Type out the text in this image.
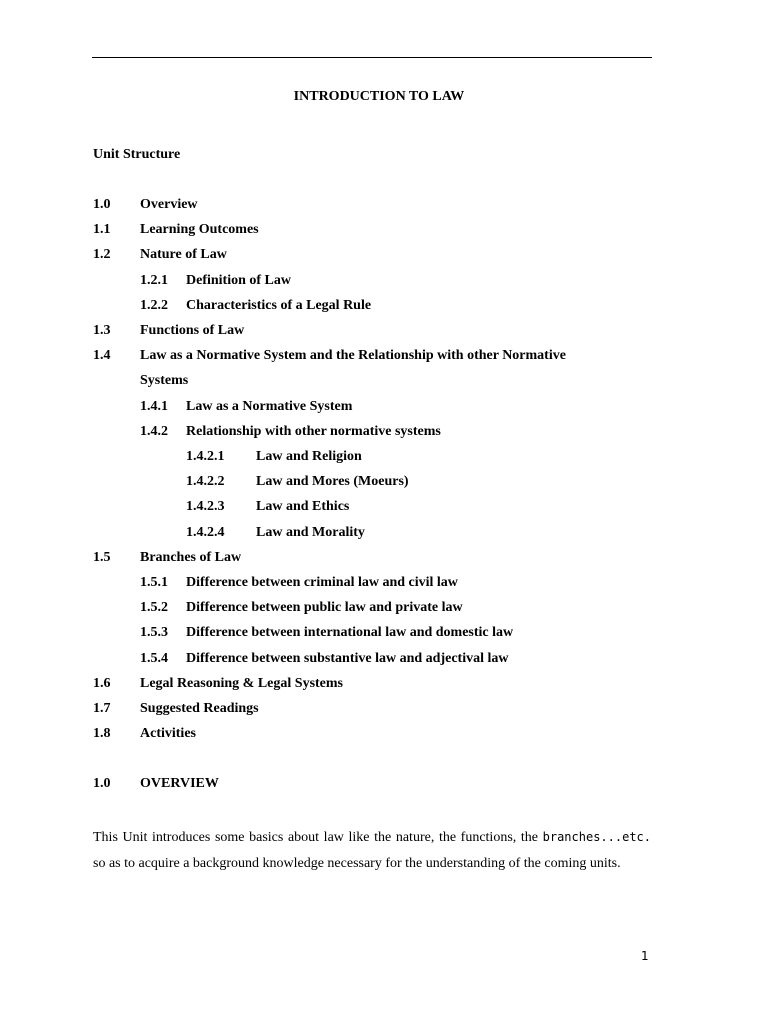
INTRODUCTION TO LAW
Unit Structure
1.0 Overview
1.1 Learning Outcomes
1.2 Nature of Law
1.2.1 Definition of Law
1.2.2 Characteristics of a Legal Rule
1.3 Functions of Law
1.4 Law as a Normative System and the Relationship with other Normative
Systems
1.4.1 Law as a Normative System
1.4.2 Relationship with other normative systems
1.4.2.1 Law and Religion
1.4.2.2 Law and Mores (Moeurs)
1.4.2.3 Law and Ethics
1.4.2.4 Law and Morality
1.5 Branches of Law
1.5.1 Difference between criminal law and civil law
1.5.2 Difference between public law and private law
1.5.3 Difference between international law and domestic law
1.5.4 Difference between substantive law and adjectival law
1.6 Legal Reasoning & Legal Systems
1.7 Suggested Readings
1.8 Activities
1.0 OVERVIEW
This Unit introduces some basics about law like the nature, the functions, the branches...etc. so as to acquire a background knowledge necessary for the understanding of the coming units.
1
